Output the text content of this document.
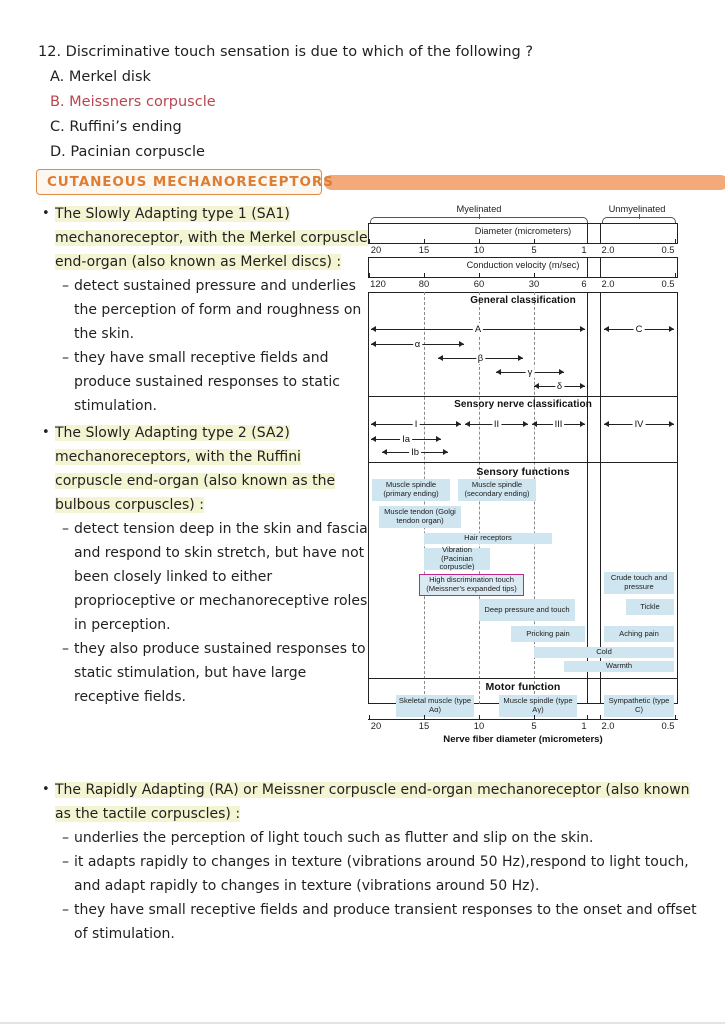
12. Discriminative touch sensation is due to which of the following ?
A. Merkel disk
B. Meissners corpuscle
C. Ruffini’s ending
D. Pacinian corpuscle
CUTANEOUS MECHANORECEPTORS
• The Slowly Adapting type 1 (SA1) mechanoreceptor, with the Merkel corpuscle end-organ (also known as Merkel discs) :
– detect sustained pressure and underlies the perception of form and roughness on the skin.
– they have small receptive fields and produce sustained responses to static stimulation.
• The Slowly Adapting type 2 (SA2) mechanoreceptors, with the Ruffini corpuscle end-organ (also known as the bulbous corpuscles) :
– detect tension deep in the skin and fascia and respond to skin stretch, but have not been closely linked to either proprioceptive or mechanoreceptive roles in perception.
– they also produce sustained responses to static stimulation, but have large receptive fields.
• The Rapidly Adapting (RA) or Meissner corpuscle end-organ mechanoreceptor (also known as the tactile corpuscles) :
– underlies the perception of light touch such as flutter and slip on the skin.
– it adapts rapidly to changes in texture (vibrations around 50 Hz),respond to light touch, and adapt rapidly to changes in texture (vibrations around 50 Hz).
– they have small receptive fields and produce transient responses to the onset and offset of stimulation.
Myelinated	Unmyelinated
Diameter (micrometers)
20	15	10	5	1 2.0	0.5
Conduction velocity (m/sec)
120	80	60	30	6 2.0	0.5
General classification
A	C
α
β
γ
δ
Sensory nerve classification
I	II	III	IV
Ia
Ib
Sensory functions
Muscle spindle (primary ending)
Muscle spindle (secondary ending)
Muscle tendon (Golgi tendon organ)
Hair receptors
Vibration (Pacinian corpuscle)
High discrimination touch (Meissner's expanded tips)
Crude touch and pressure
Deep pressure and touch	Tickle
Pricking pain	Aching pain
Cold
Warmth
Motor function
Skeletal muscle (type Aα)
Muscle spindle (type Aγ)
Sympathetic (type C)
20	15	10	5	1 2.0	0.5
Nerve fiber diameter (micrometers)
